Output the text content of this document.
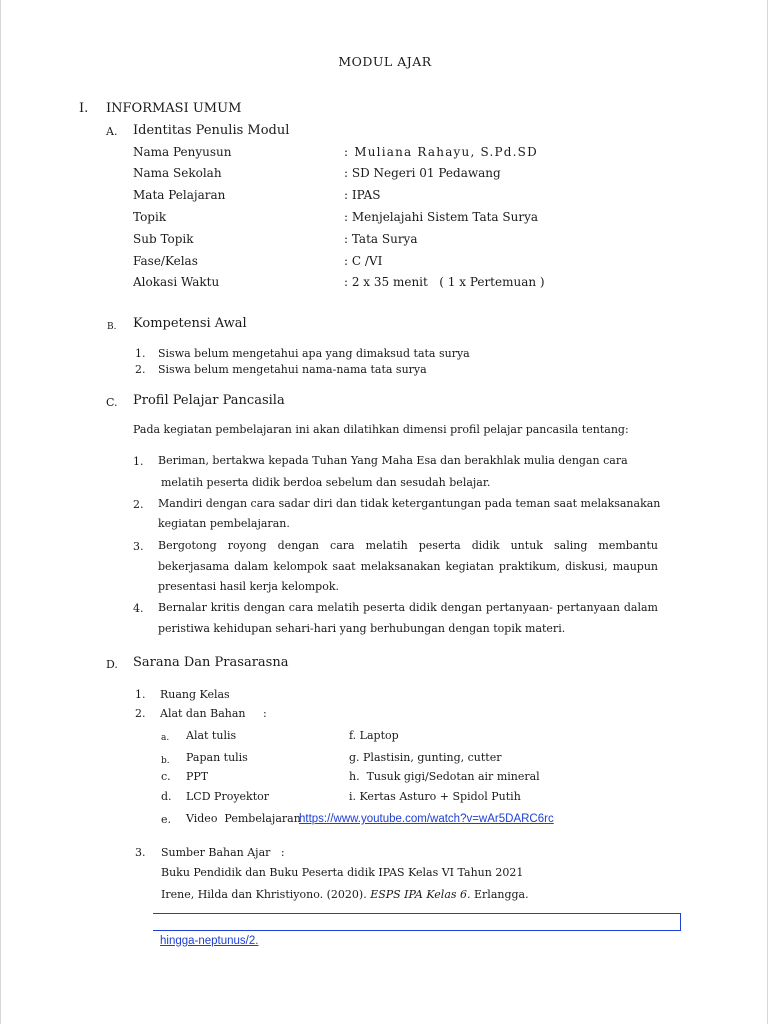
MODUL AJAR
I. INFORMASI UMUM
A. Identitas Penulis Modul
Nama Penyusun	: Muliana Rahayu, S.Pd.SD
Nama Sekolah	: SD Negeri 01 Pedawang
Mata Pelajaran	: IPAS
Topik	: Menjelajahi Sistem Tata Surya
Sub Topik	: Tata Surya
Fase/Kelas	: C /VI
Alokasi Waktu	: 2 x 35 menit   ( 1 x Pertemuan )
B. Kompetensi Awal
1. Siswa belum mengetahui apa yang dimaksud tata surya
2. Siswa belum mengetahui nama-nama tata surya
C. Profil Pelajar Pancasila
Pada kegiatan pembelajaran ini akan dilatihkan dimensi profil pelajar pancasila tentang:
1. Beriman, bertakwa kepada Tuhan Yang Maha Esa dan berakhlak mulia dengan cara
melatih peserta didik berdoa sebelum dan sesudah belajar.
2. Mandiri dengan cara sadar diri dan tidak ketergantungan pada teman saat melaksanakan
kegiatan pembelajaran.
3. Bergotong royong dengan cara melatih peserta didik untuk saling membantu
bekerjasama dalam kelompok saat melaksanakan kegiatan praktikum, diskusi, maupun
presentasi hasil kerja kelompok.
4. Bernalar kritis dengan cara melatih peserta didik dengan pertanyaan- pertanyaan dalam
peristiwa kehidupan sehari-hari yang berhubungan dengan topik materi.
D. Sarana Dan Prasarasna
1. Ruang Kelas
2. Alat dan Bahan     :
a. Alat tulis	f. Laptop
b. Papan tulis	g. Plastisin, gunting, cutter
c. PPT	h.  Tusuk gigi/Sedotan air mineral
d. LCD Proyektor	i. Kertas Asturo + Spidol Putih
e. Video  Pembelajaran
https://www.youtube.com/watch?v=wAr5DARC6rc
3. Sumber Bahan Ajar   :
Buku Pendidik dan Buku Peserta didik IPAS Kelas VI Tahun 2021
Irene, Hilda dan Khristiyono. (2020). ESPS IPA Kelas 6. Erlangga.
hingga-neptunus/2.
